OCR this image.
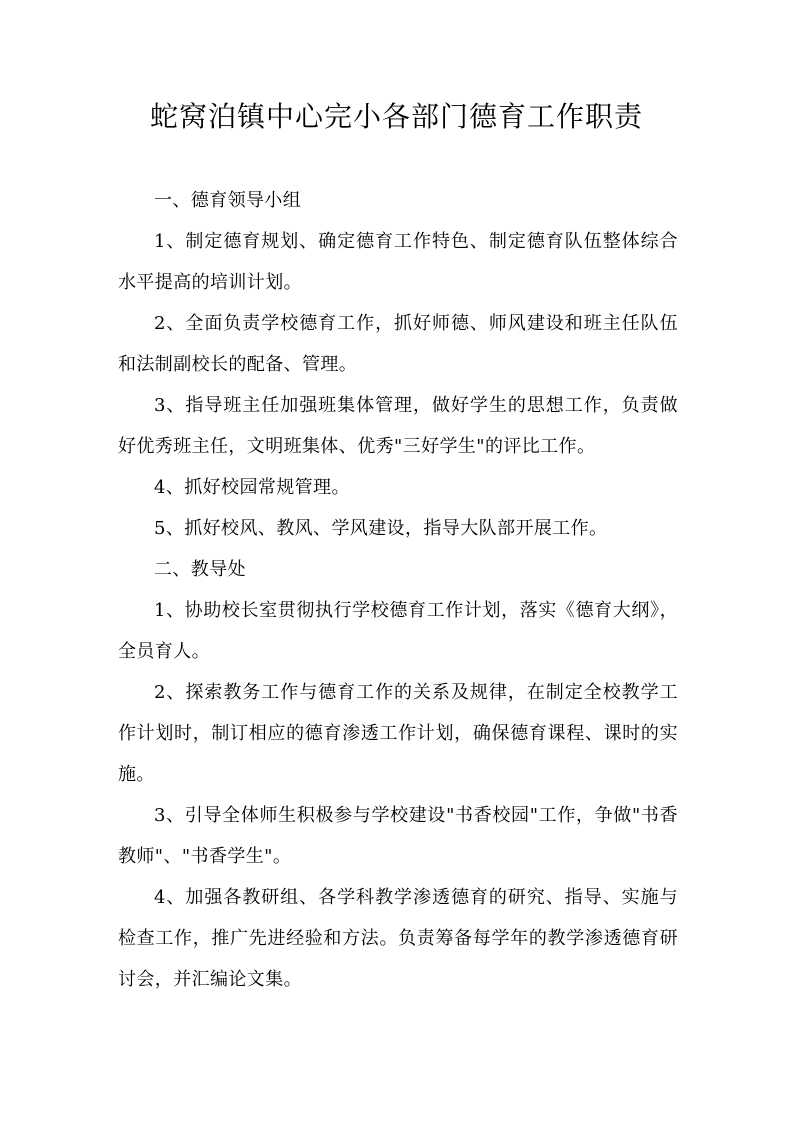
蛇窝泊镇中心完小各部门德育工作职责

一、德育领导小组

1、制定德育规划、确定德育工作特色、制定德育队伍整体综合水平提高的培训计划。

2、全面负责学校德育工作，抓好师德、师风建设和班主任队伍和法制副校长的配备、管理。

3、指导班主任加强班集体管理，做好学生的思想工作，负责做好优秀班主任，文明班集体、优秀"三好学生"的评比工作。

4、抓好校园常规管理。

5、抓好校风、教风、学风建设，指导大队部开展工作。

二、教导处

1、协助校长室贯彻执行学校德育工作计划，落实《德育大纲》，全员育人。

2、探索教务工作与德育工作的关系及规律，在制定全校教学工作计划时，制订相应的德育渗透工作计划，确保德育课程、课时的实施。

3、引导全体师生积极参与学校建设"书香校园"工作，争做"书香教师"、"书香学生"。

4、加强各教研组、各学科教学渗透德育的研究、指导、实施与检查工作，推广先进经验和方法。负责筹备每学年的教学渗透德育研讨会，并汇编论文集。
